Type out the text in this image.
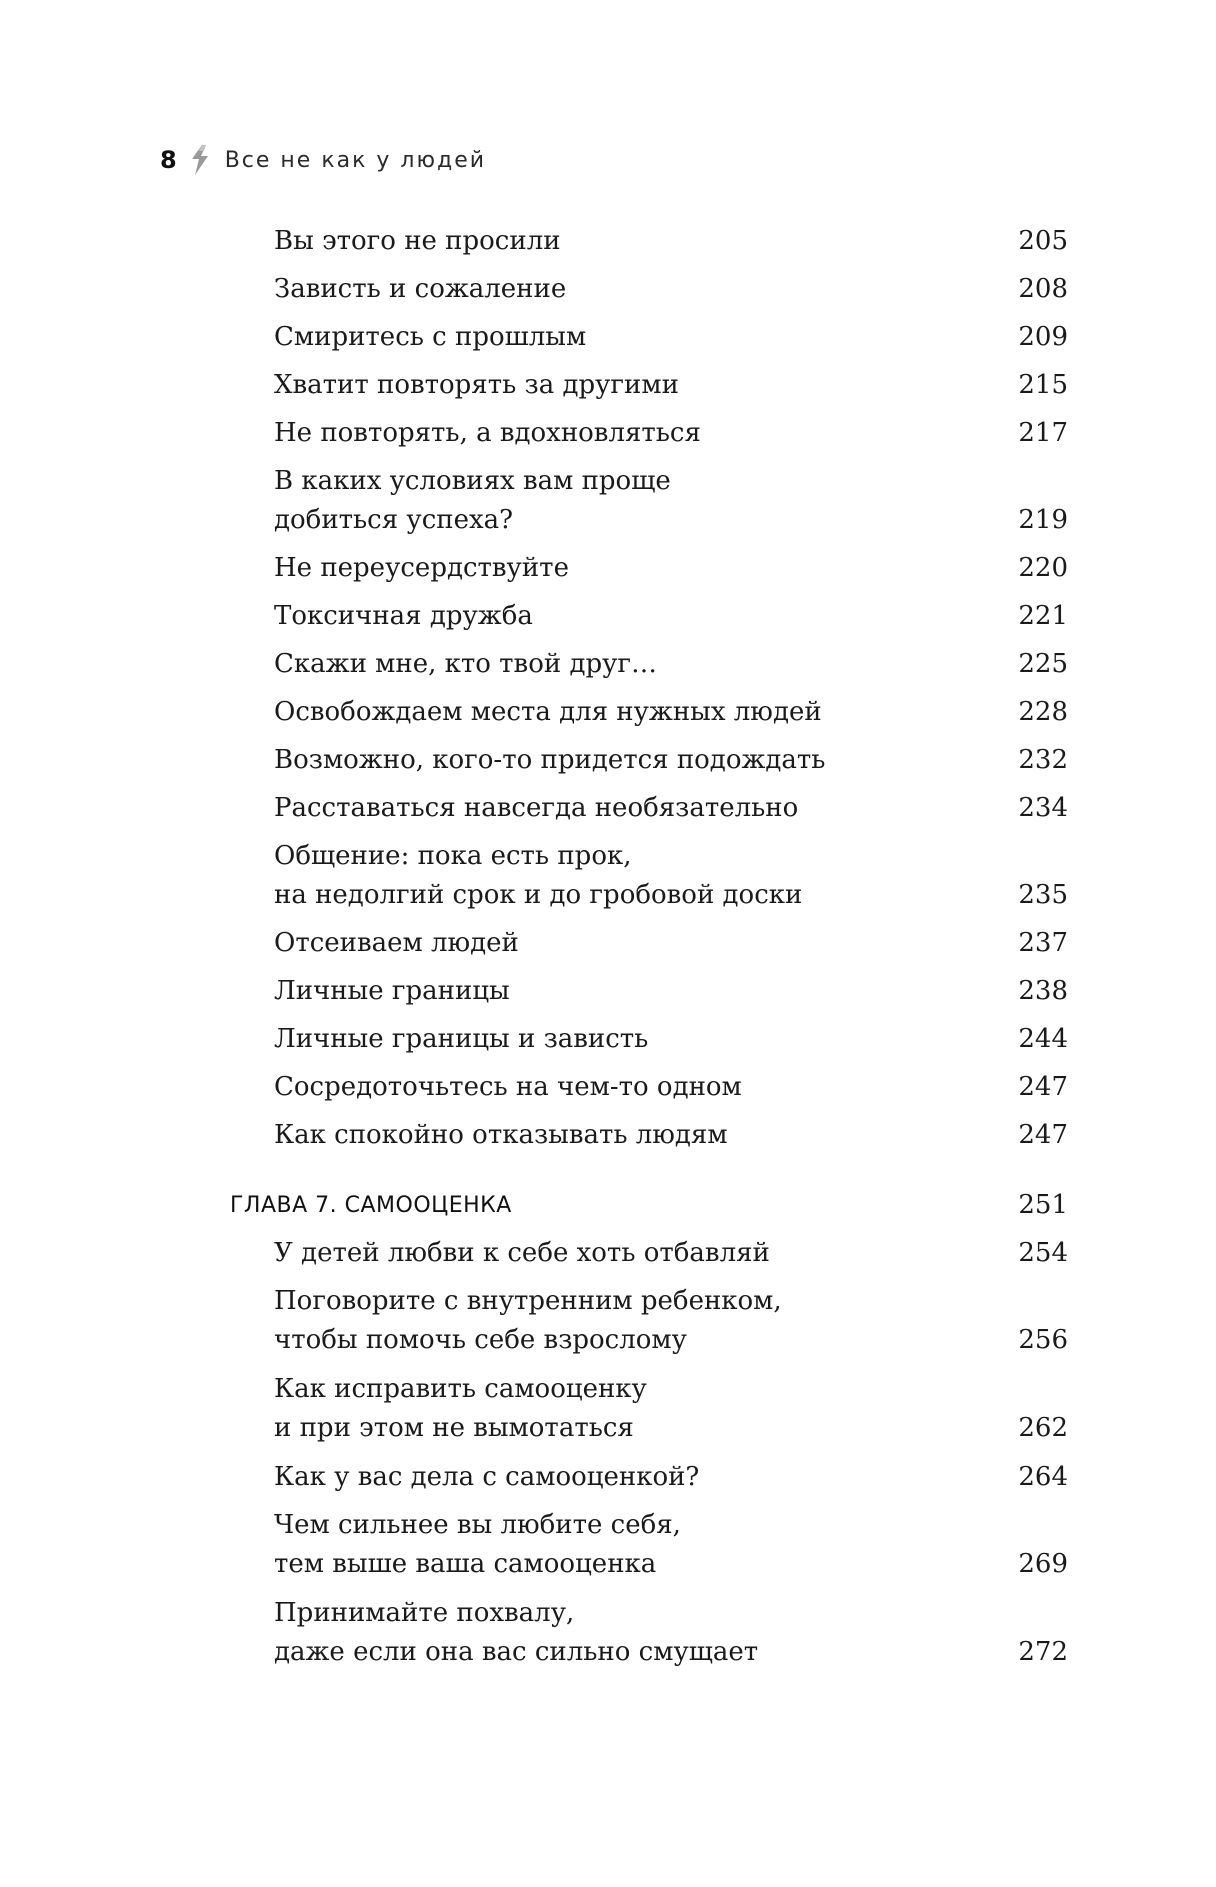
8 Все не как у людей
Вы этого не просили	205
Зависть и сожаление	208
Смиритесь с прошлым	209
Хватит повторять за другими	215
Не повторять, а вдохновляться	217
В каких условиях вам проще
добиться успеха?	219
Не переусердствуйте	220
Токсичная дружба	221
Скажи мне, кто твой друг…	225
Освобождаем места для нужных людей	228
Возможно, кого-то придется подождать	232
Расставаться навсегда необязательно	234
Общение: пока есть прок,
на недолгий срок и до гробовой доски	235
Отсеиваем людей	237
Личные границы	238
Личные границы и зависть	244
Сосредоточьтесь на чем-то одном	247
Как спокойно отказывать людям	247
ГЛАВА 7. САМООЦЕНКА	251
У детей любви к себе хоть отбавляй	254
Поговорите с внутренним ребенком,
чтобы помочь себе взрослому	256
Как исправить самооценку
и при этом не вымотаться	262
Как у вас дела с самооценкой?	264
Чем сильнее вы любите себя,
тем выше ваша самооценка	269
Принимайте похвалу,
даже если она вас сильно смущает	272
